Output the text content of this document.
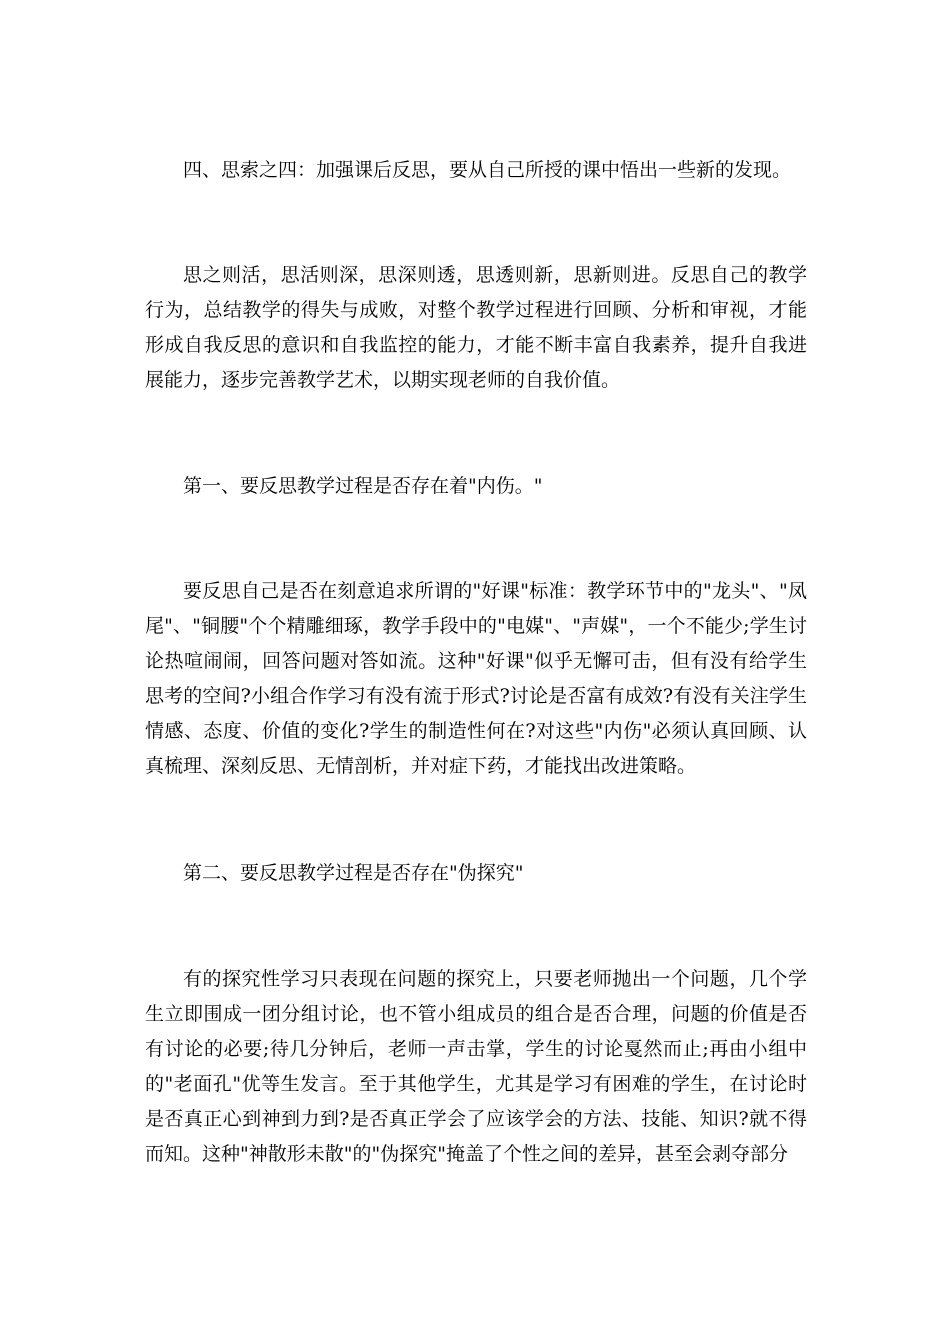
四、思索之四：加强课后反思，要从自己所授的课中悟出一些新的发现。

思之则活，思活则深，思深则透，思透则新，思新则进。反思自己的教学行为，总结教学的得失与成败，对整个教学过程进行回顾、分析和审视，才能形成自我反思的意识和自我监控的能力，才能不断丰富自我素养，提升自我进展能力，逐步完善教学艺术，以期实现老师的自我价值。

第一、要反思教学过程是否存在着"内伤。"

要反思自己是否在刻意追求所谓的"好课"标准：教学环节中的"龙头"、"凤尾"、"铜腰"个个精雕细琢，教学手段中的"电媒"、"声媒"，一个不能少;学生讨论热喧闹闹，回答问题对答如流。这种"好课"似乎无懈可击，但有没有给学生思考的空间?小组合作学习有没有流于形式?讨论是否富有成效?有没有关注学生情感、态度、价值的变化?学生的制造性何在?对这些"内伤"必须认真回顾、认真梳理、深刻反思、无情剖析，并对症下药，才能找出改进策略。

第二、要反思教学过程是否存在"伪探究"

有的探究性学习只表现在问题的探究上，只要老师抛出一个问题，几个学生立即围成一团分组讨论，也不管小组成员的组合是否合理，问题的价值是否有讨论的必要;待几分钟后，老师一声击掌，学生的讨论戛然而止;再由小组中的"老面孔"优等生发言。至于其他学生，尤其是学习有困难的学生，在讨论时是否真正心到神到力到?是否真正学会了应该学会的方法、技能、知识?就不得而知。这种"神散形未散"的"伪探究"掩盖了个性之间的差异，甚至会剥夺部分
